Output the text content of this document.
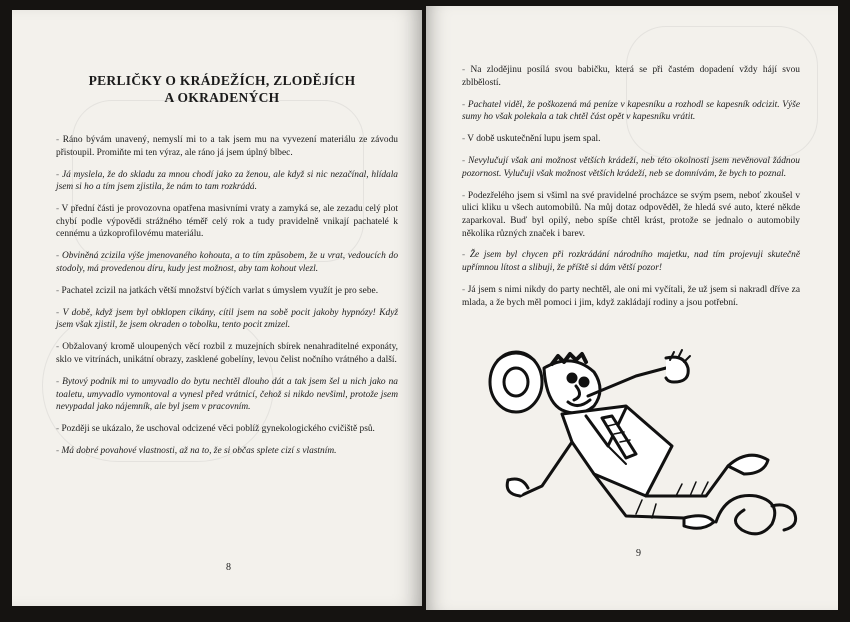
PERLIČKY O KRÁDEŽÍCH, ZLODĚJÍCH
A OKRADENÝCH

- Ráno bývám unavený, nemyslí mi to a tak jsem mu na vyvezení materiálu ze závodu přistoupil. Promiňte mi ten výraz, ale ráno já jsem úplný blbec.

- Já myslela, že do skladu za mnou chodí jako za ženou, ale když si nic nezačínal, hlídala jsem si ho a tím jsem zjistila, že nám to tam rozkrádá.

- V přední části je provozovna opatřena masivními vraty a zamyká se, ale zezadu celý plot chybí podle výpovědi strážného téměř celý rok a tudy pravidelně vnikají pachatelé k cennému a úzkoprofilovému materiálu.

- Obviněná zcizila výše jmenovaného kohouta, a to tím způsobem, že u vrat, vedoucích do stodoly, má provedenou díru, kudy jest možnost, aby tam kohout vlezl.

- Pachatel zcizil na jatkách větší množství býčích varlat s úmyslem využít je pro sebe.

- V době, když jsem byl obklopen cikány, cítil jsem na sobě pocit jakoby hypnózy! Když jsem však zjistil, že jsem okraden o tobolku, tento pocit zmizel.

- Obžalovaný kromě uloupených věcí rozbil z muzejních sbírek nenahraditelné exponáty, sklo ve vitrínách, unikátní obrazy, zasklené gobelíny, levou čelist nočního vrátného a další.

- Bytový podnik mi to umyvadlo do bytu nechtěl dlouho dát a tak jsem šel u nich jako na toaletu, umyvadlo vymontoval a vynesl před vrátnicí, čehož si nikdo nevšiml, protože jsem nevypadal jako nájemník, ale byl jsem v pracovním.

- Později se ukázalo, že uschoval odcizené věci poblíž gynekologického cvičiště psů.

- Má dobré povahové vlastnosti, až na to, že si občas splete cizí s vlastním.

8

- Na zlodějinu posílá svou babičku, která se při častém dopadení vždy hájí svou zblbělostí.

- Pachatel viděl, že poškozená má peníze v kapesníku a rozhodl se kapesník odcizit. Výše sumy ho však polekala a tak chtěl část opět v kapesníku vrátit.

- V době uskutečnění lupu jsem spal.

- Nevylučují však ani možnost větších krádeží, neb této okolnosti jsem nevěnoval žádnou pozornost. Vylučuji však možnost větších krádeží, neb se domnívám, že bych to poznal.

- Podezřelého jsem si všiml na své pravidelné procházce se svým psem, neboť zkoušel v ulici kliku u všech automobilů. Na můj dotaz odpověděl, že hledá své auto, které někde zaparkoval. Buď byl opilý, nebo spíše chtěl krást, protože se jednalo o automobily několika různých značek i barev.

- Že jsem byl chycen při rozkrádání národního majetku, nad tím projevuji skutečně upřímnou lítost a slibuji, že příště si dám větší pozor!

- Já jsem s nimi nikdy do party nechtěl, ale oni mi vyčítali, že už jsem si nakradl dříve za mlada, a že bych měl pomoci i jim, když zakládají rodiny a jsou potřební.

9
